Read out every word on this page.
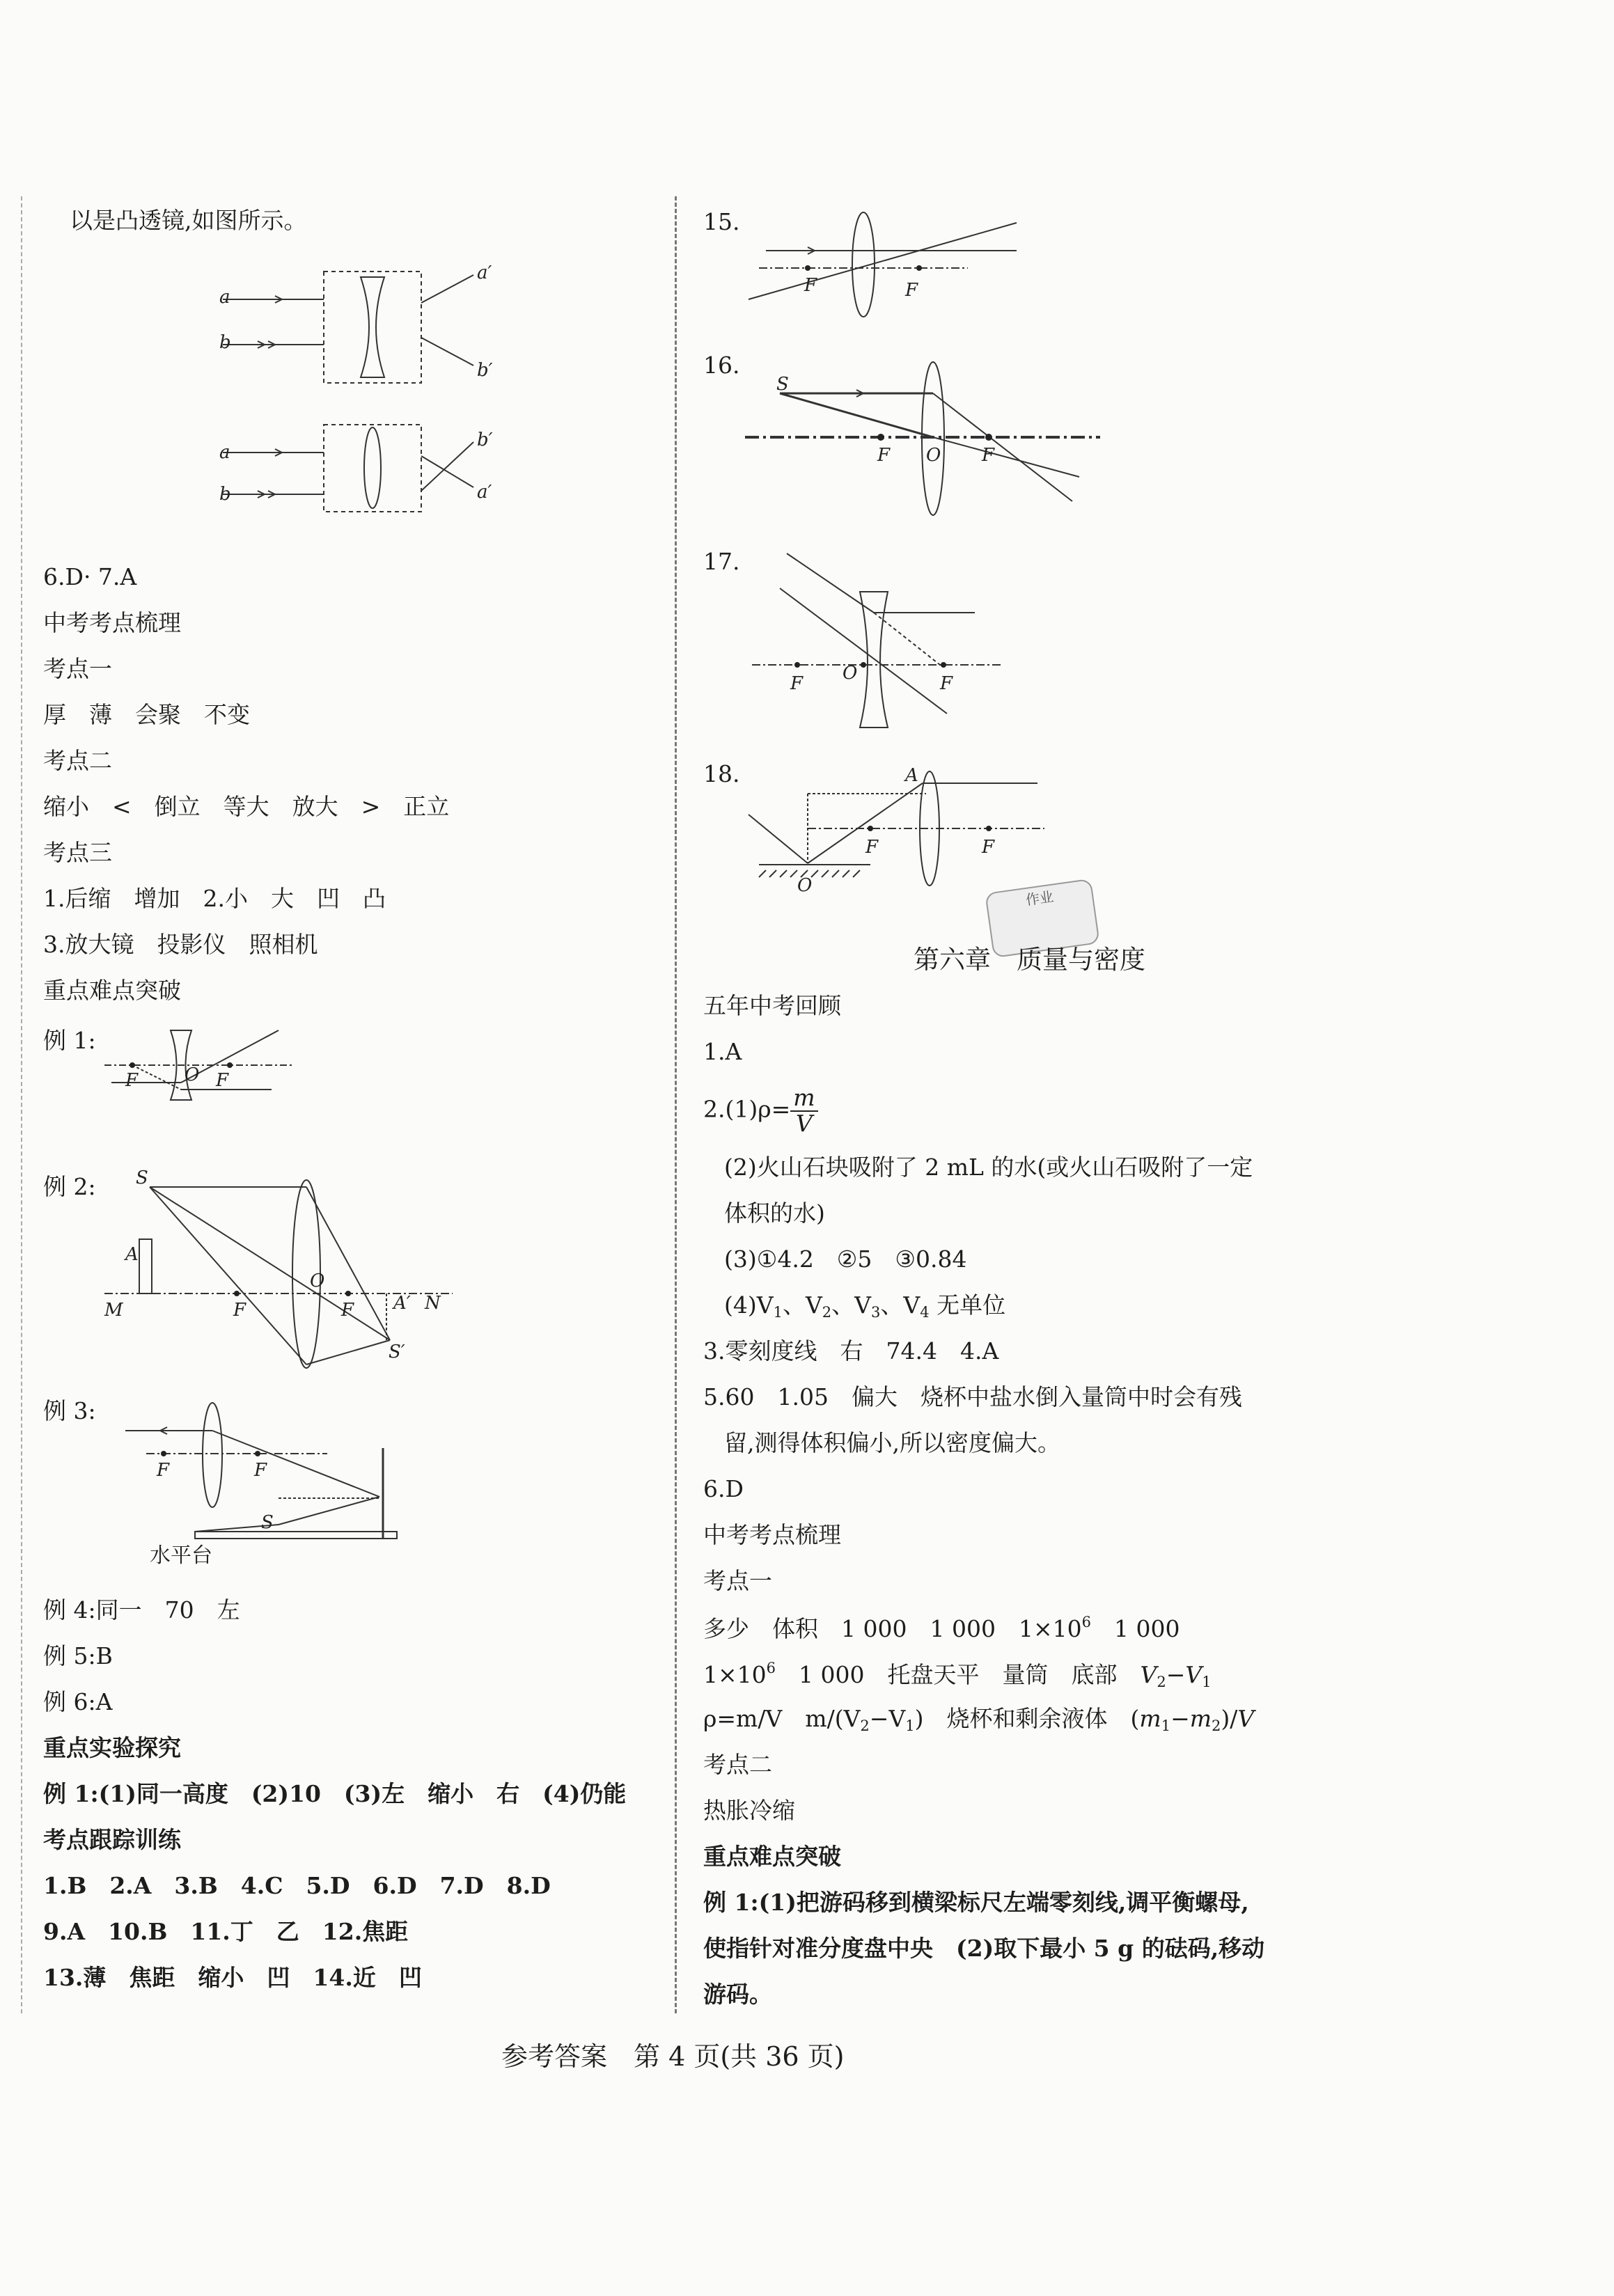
以是凸透镜,如图所示。
a
b
a′
b′
a
b
b′
a′
6.D· 7.A
中考考点梳理
考点一
厚　薄　会聚　不变
考点二
缩小　<　倒立　等大　放大　>　正立
考点三
1.后缩　增加　2.小　大　凹　凸
3.放大镜　投影仪　照相机
重点难点突破
例 1:
F	O F
例 2: S
A
M	F
O
F A′
S′
N
例 3:
F	F
S
水平台
例 4:同一　70　左
例 5:B
例 6:A
重点实验探究
例 1:(1)同一高度　(2)10　(3)左　缩小　右　(4)仍能
考点跟踪训练
1.B　2.A　3.B　4.C　5.D　6.D　7.D　8.D
9.A　10.B　11.丁　乙　12.焦距
13.薄　焦距　缩小　凹　14.近　凹
15.
F	F
16.
S
F O F
17.
F O	F
18.	A
F	F
O
作业
第六章　质量与密度
五年中考回顾
1.A
$2.(1)\rho= \frac{m}{V}$
(2)火山石块吸附了 2 mL 的水(或火山石吸附了一定
体积的水)
(3)①4.2　②5　③0.84
$(4)V_1$、$V_2$、$V_3$、$V_4$ 无单位
3.零刻度线　右　74.4　4.A
5.60　1.05　偏大　烧杯中盐水倒入量筒中时会有残
留,测得体积偏小,所以密度偏大。
6.D
中考考点梳理
考点一
多少　体积　1 000　1 000　$1\times 10^6$　 1 000
$1\times 10^6$　 1 000　托盘天平　量筒　底部　 $V_2-V_1$
ρ=m/V　$m/(V_2-V_1)$　烧杯和剩余液体　$(m_1-m_2)/V$
考点二
热胀冷缩
重点难点突破
例 1:(1)把游码移到横梁标尺左端零刻线,调平衡螺母,
使指针对准分度盘中央　(2)取下最小 5 g 的砝码,移动
游码。
参考答案　第 4 页(共 36 页)
